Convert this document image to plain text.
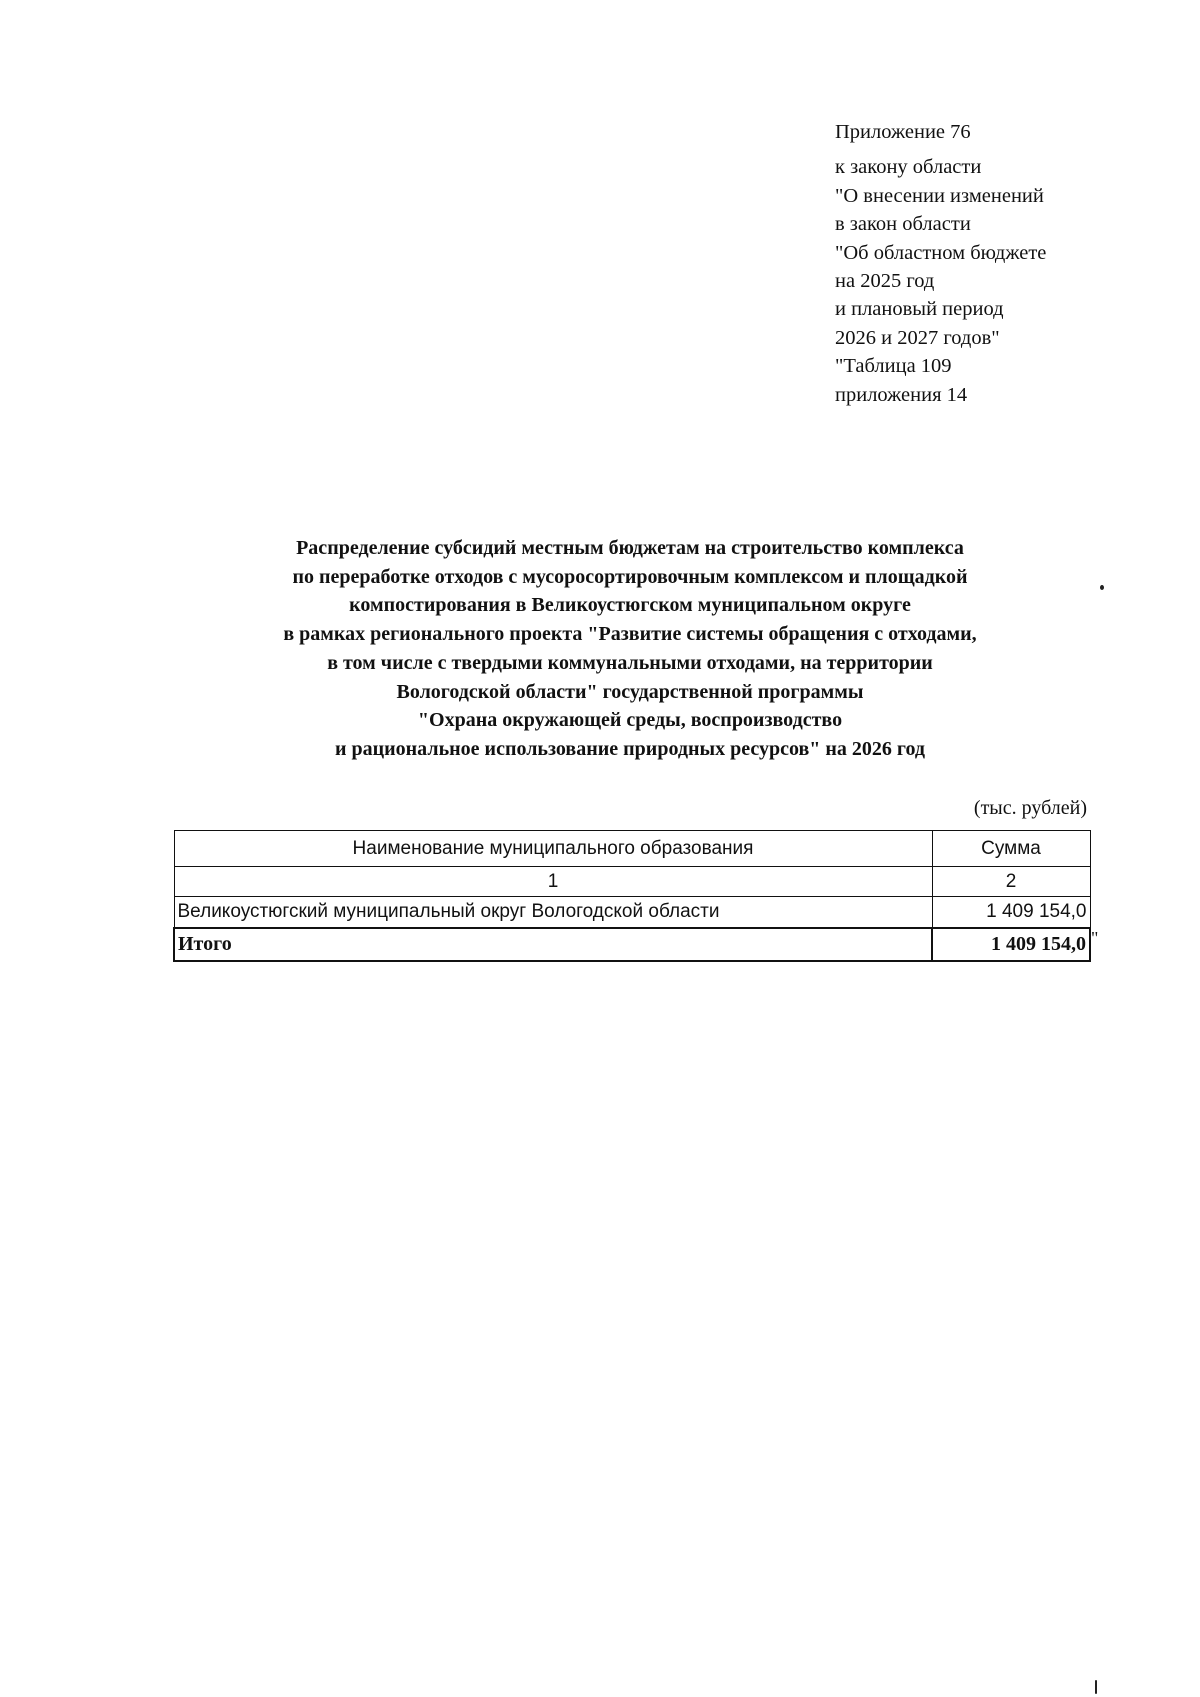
Приложение 76
к закону области
"О внесении изменений
в закон области
"Об областном бюджете
на 2025 год
и плановый период
2026 и 2027 годов"
"Таблица 109
приложения 14
Распределение субсидий местным бюджетам на строительство комплекса
по переработке отходов с мусоросортировочным комплексом и площадкой
компостирования в Великоустюгском муниципальном округе
в рамках регионального проекта "Развитие системы обращения с отходами,
в том числе с твердыми коммунальными отходами, на территории
Вологодской области" государственной программы
"Охрана окружающей среды, воспроизводство
и рациональное использование природных ресурсов" на 2026 год
(тыс. рублей)
Наименование муниципального образования	Сумма
1	2
Великоустюгский муниципальный округ Вологодской области	1 409 154,0
Итого	1 409 154,0 "
